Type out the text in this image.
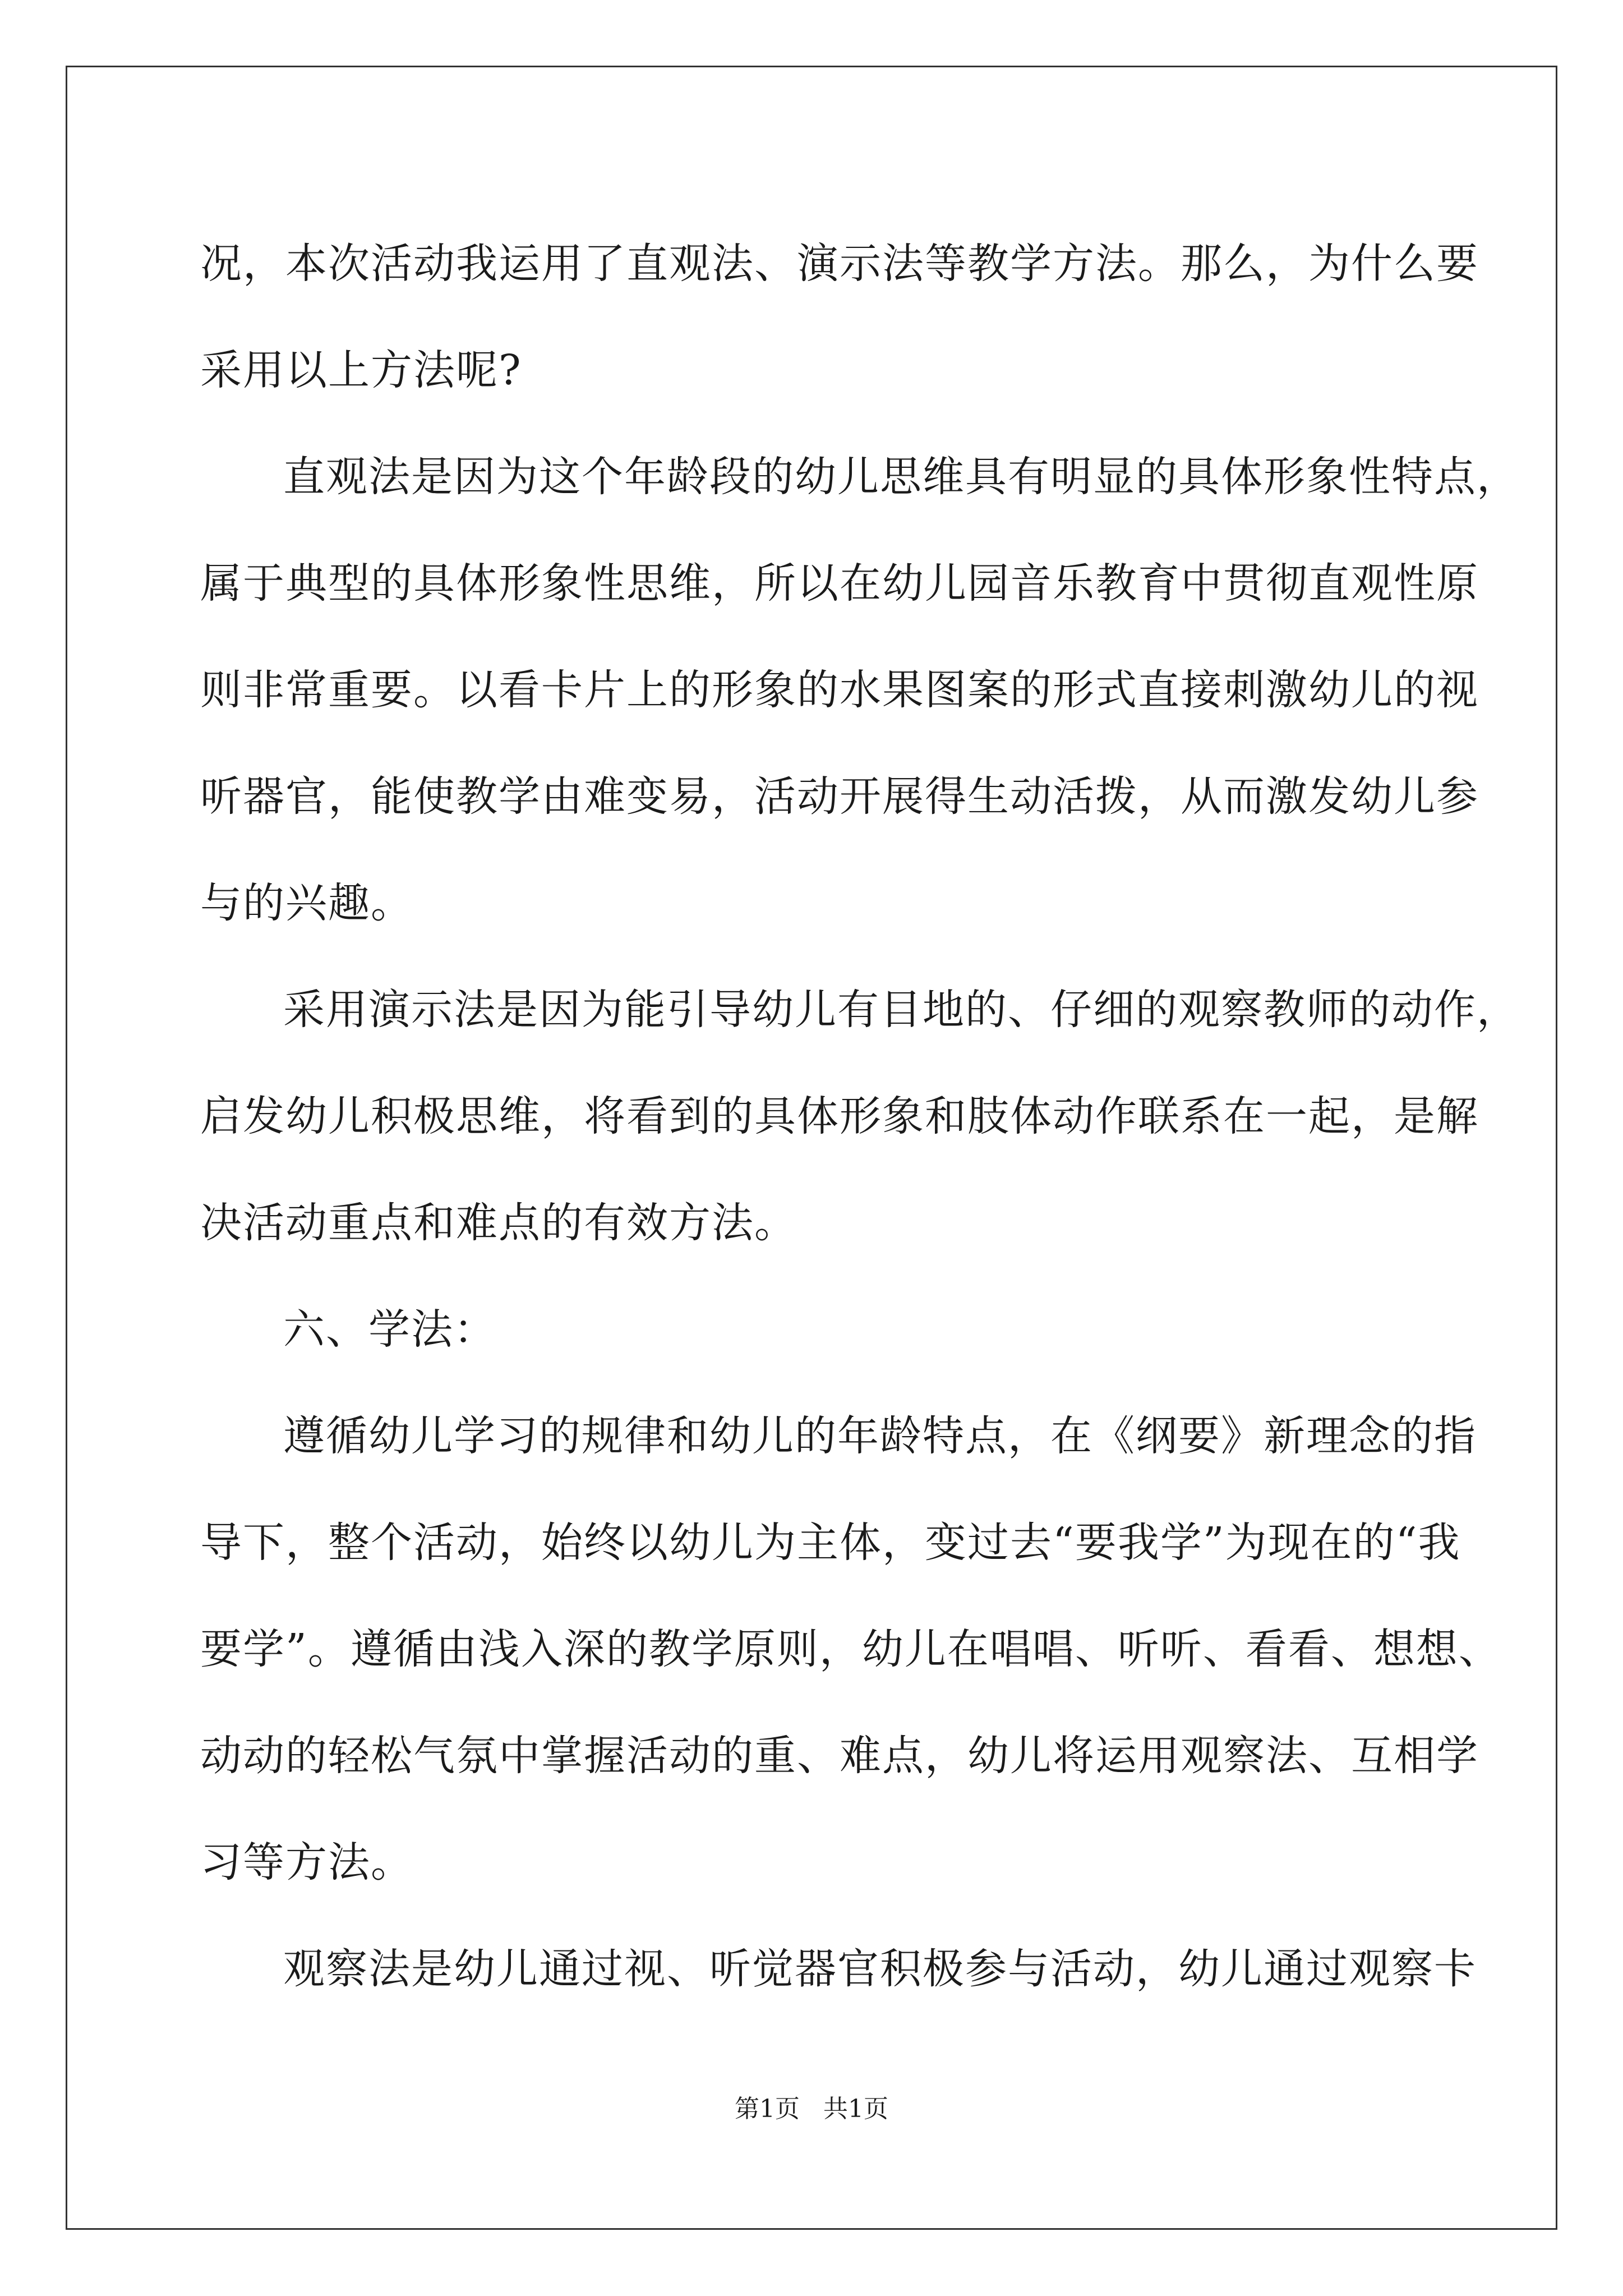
况，本次活动我运用了直观法、演示法等教学方法。那么，为什么要
采用以上方法呢?
直观法是因为这个年龄段的幼儿思维具有明显的具体形象性特点，
属于典型的具体形象性思维，所以在幼儿园音乐教育中贯彻直观性原
则非常重要。以看卡片上的形象的水果图案的形式直接刺激幼儿的视
听器官，能使教学由难变易，活动开展得生动活拨，从而激发幼儿参
与的兴趣。
采用演示法是因为能引导幼儿有目地的、仔细的观察教师的动作，
启发幼儿积极思维，将看到的具体形象和肢体动作联系在一起，是解
决活动重点和难点的有效方法。
六、学法：
遵循幼儿学习的规律和幼儿的年龄特点，在《纲要》新理念的指
导下，整个活动，始终以幼儿为主体，变过去“要我学”为现在的“我
要学”。遵循由浅入深的教学原则，幼儿在唱唱、听听、看看、想想、
动动的轻松气氛中掌握活动的重、难点，幼儿将运用观察法、互相学
习等方法。
观察法是幼儿通过视、听觉器官积极参与活动，幼儿通过观察卡
第1页   共1页
